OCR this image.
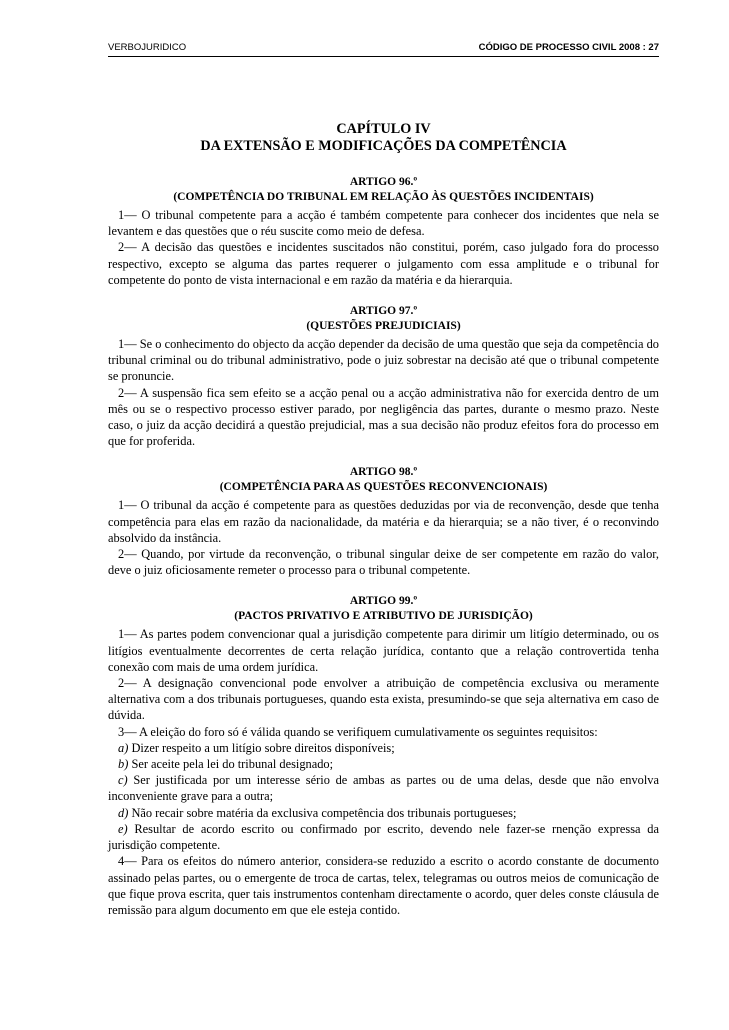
VERBOJURIDICO	CÓDIGO DE PROCESSO CIVIL 2008 : 27
CAPÍTULO IV
DA EXTENSÃO E MODIFICAÇÕES DA COMPETÊNCIA
ARTIGO 96.º
(COMPETÊNCIA DO TRIBUNAL EM RELAÇÃO ÀS QUESTÕES INCIDENTAIS)

1— O tribunal competente para a acção é também competente para conhecer dos incidentes que nela se levantem e das questões que o réu suscite como meio de defesa.

2— A decisão das questões e incidentes suscitados não constitui, porém, caso julgado fora do processo respectivo, excepto se alguma das partes requerer o julgamento com essa amplitude e o tribunal for competente do ponto de vista internacional e em razão da matéria e da hierarquia.

ARTIGO 97.º
(QUESTÕES PREJUDICIAIS)

1— Se o conhecimento do objecto da acção depender da decisão de uma questão que seja da competência do tribunal criminal ou do tribunal administrativo, pode o juiz sobrestar na decisão até que o tribunal competente se pronuncie.

2— A suspensão fica sem efeito se a acção penal ou a acção administrativa não for exercida dentro de um mês ou se o respectivo processo estiver parado, por negligência das partes, durante o mesmo prazo. Neste caso, o juiz da acção decidirá a questão prejudicial, mas a sua decisão não produz efeitos fora do processo em que for proferida.

ARTIGO 98.º
(COMPETÊNCIA PARA AS QUESTÕES RECONVENCIONAIS)

1— O tribunal da acção é competente para as questões deduzidas por via de reconvenção, desde que tenha competência para elas em razão da nacionalidade, da matéria e da hierarquia; se a não tiver, é o reconvindo absolvido da instância.

2— Quando, por virtude da reconvenção, o tribunal singular deixe de ser competente em razão do valor, deve o juiz oficiosamente remeter o processo para o tribunal competente.

ARTIGO 99.º
(PACTOS PRIVATIVO E ATRIBUTIVO DE JURISDIÇÃO)

1— As partes podem convencionar qual a jurisdição competente para dirimir um litígio determinado, ou os litígios eventualmente decorrentes de certa relação jurídica, contanto que a relação controvertida tenha conexão com mais de uma ordem jurídica.

2— A designação convencional pode envolver a atribuição de competência exclusiva ou meramente alternativa com a dos tribunais portugueses, quando esta exista, presumindo-se que seja alternativa em caso de dúvida.

3— A eleição do foro só é válida quando se verifiquem cumulativamente os seguintes requisitos:

a) Dizer respeito a um litígio sobre direitos disponíveis;

b) Ser aceite pela lei do tribunal designado;

c) Ser justificada por um interesse sério de ambas as partes ou de uma delas, desde que não envolva inconveniente grave para a outra;

d) Não recair sobre matéria da exclusiva competência dos tribunais portugueses;

e) Resultar de acordo escrito ou confirmado por escrito, devendo nele fazer-se rnenção expressa da jurisdição competente.

4— Para os efeitos do número anterior, considera-se reduzido a escrito o acordo constante de documento assinado pelas partes, ou o emergente de troca de cartas, telex, telegramas ou outros meios de comunicação de que fique prova escrita, quer tais instrumentos contenham directamente o acordo, quer deles conste cláusula de remissão para algum documento em que ele esteja contido.
